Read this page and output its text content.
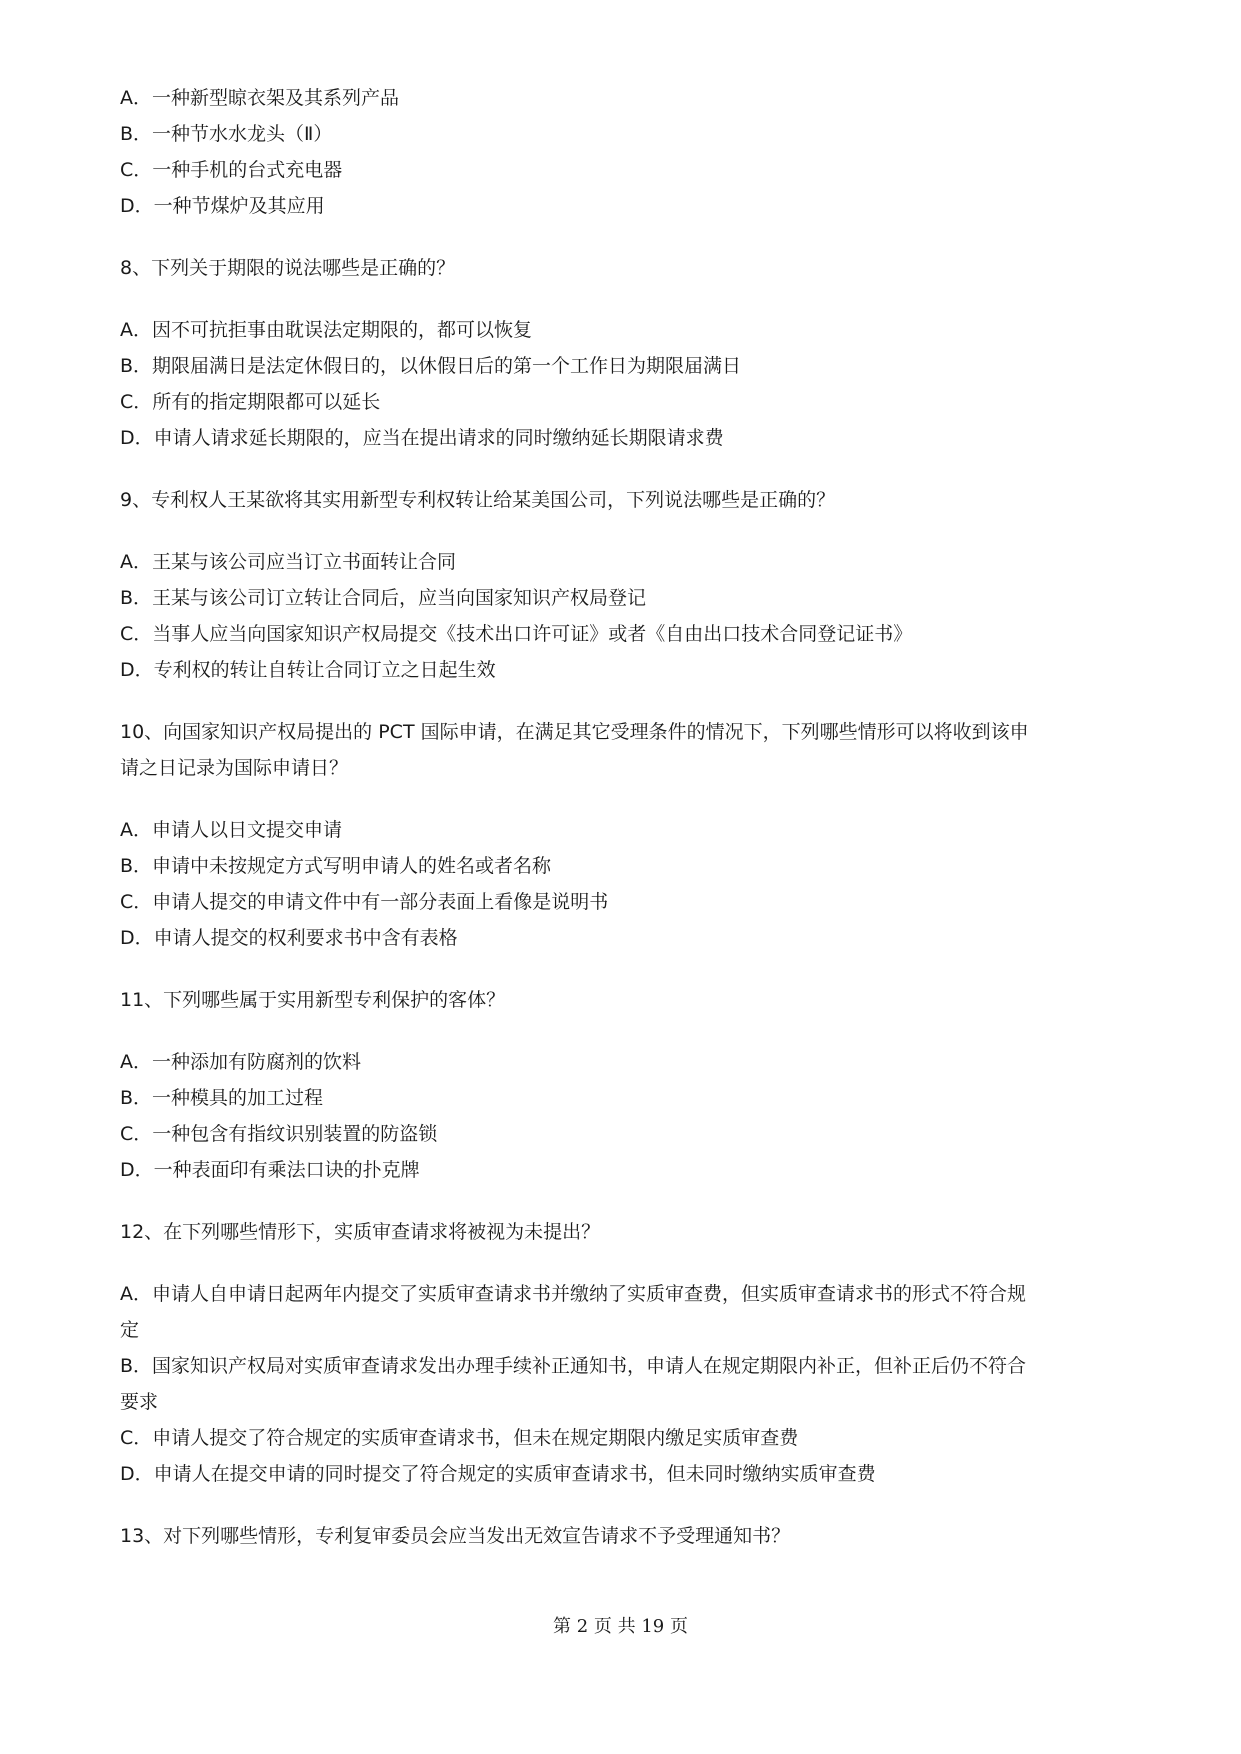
A．一种新型晾衣架及其系列产品
B．一种节水水龙头（Ⅱ）
C．一种手机的台式充电器
D．一种节煤炉及其应用
8、下列关于期限的说法哪些是正确的？
A．因不可抗拒事由耽误法定期限的，都可以恢复
B．期限届满日是法定休假日的，以休假日后的第一个工作日为期限届满日
C．所有的指定期限都可以延长
D．申请人请求延长期限的，应当在提出请求的同时缴纳延长期限请求费
9、专利权人王某欲将其实用新型专利权转让给某美国公司，下列说法哪些是正确的？
A．王某与该公司应当订立书面转让合同
B．王某与该公司订立转让合同后，应当向国家知识产权局登记
C．当事人应当向国家知识产权局提交《技术出口许可证》或者《自由出口技术合同登记证书》
D．专利权的转让自转让合同订立之日起生效
10、向国家知识产权局提出的 PCT 国际申请，在满足其它受理条件的情况下，下列哪些情形可以将收到该申
请之日记录为国际申请日？
A．申请人以日文提交申请
B．申请中未按规定方式写明申请人的姓名或者名称
C．申请人提交的申请文件中有一部分表面上看像是说明书
D．申请人提交的权利要求书中含有表格
11、下列哪些属于实用新型专利保护的客体？
A．一种添加有防腐剂的饮料
B．一种模具的加工过程
C．一种包含有指纹识别装置的防盗锁
D．一种表面印有乘法口诀的扑克牌
12、在下列哪些情形下，实质审查请求将被视为未提出？
A．申请人自申请日起两年内提交了实质审查请求书并缴纳了实质审查费，但实质审查请求书的形式不符合规
定
B．国家知识产权局对实质审查请求发出办理手续补正通知书，申请人在规定期限内补正，但补正后仍不符合
要求
C．申请人提交了符合规定的实质审查请求书，但未在规定期限内缴足实质审查费
D．申请人在提交申请的同时提交了符合规定的实质审查请求书，但未同时缴纳实质审查费
13、对下列哪些情形，专利复审委员会应当发出无效宣告请求不予受理通知书？
第 2 页 共 19 页
